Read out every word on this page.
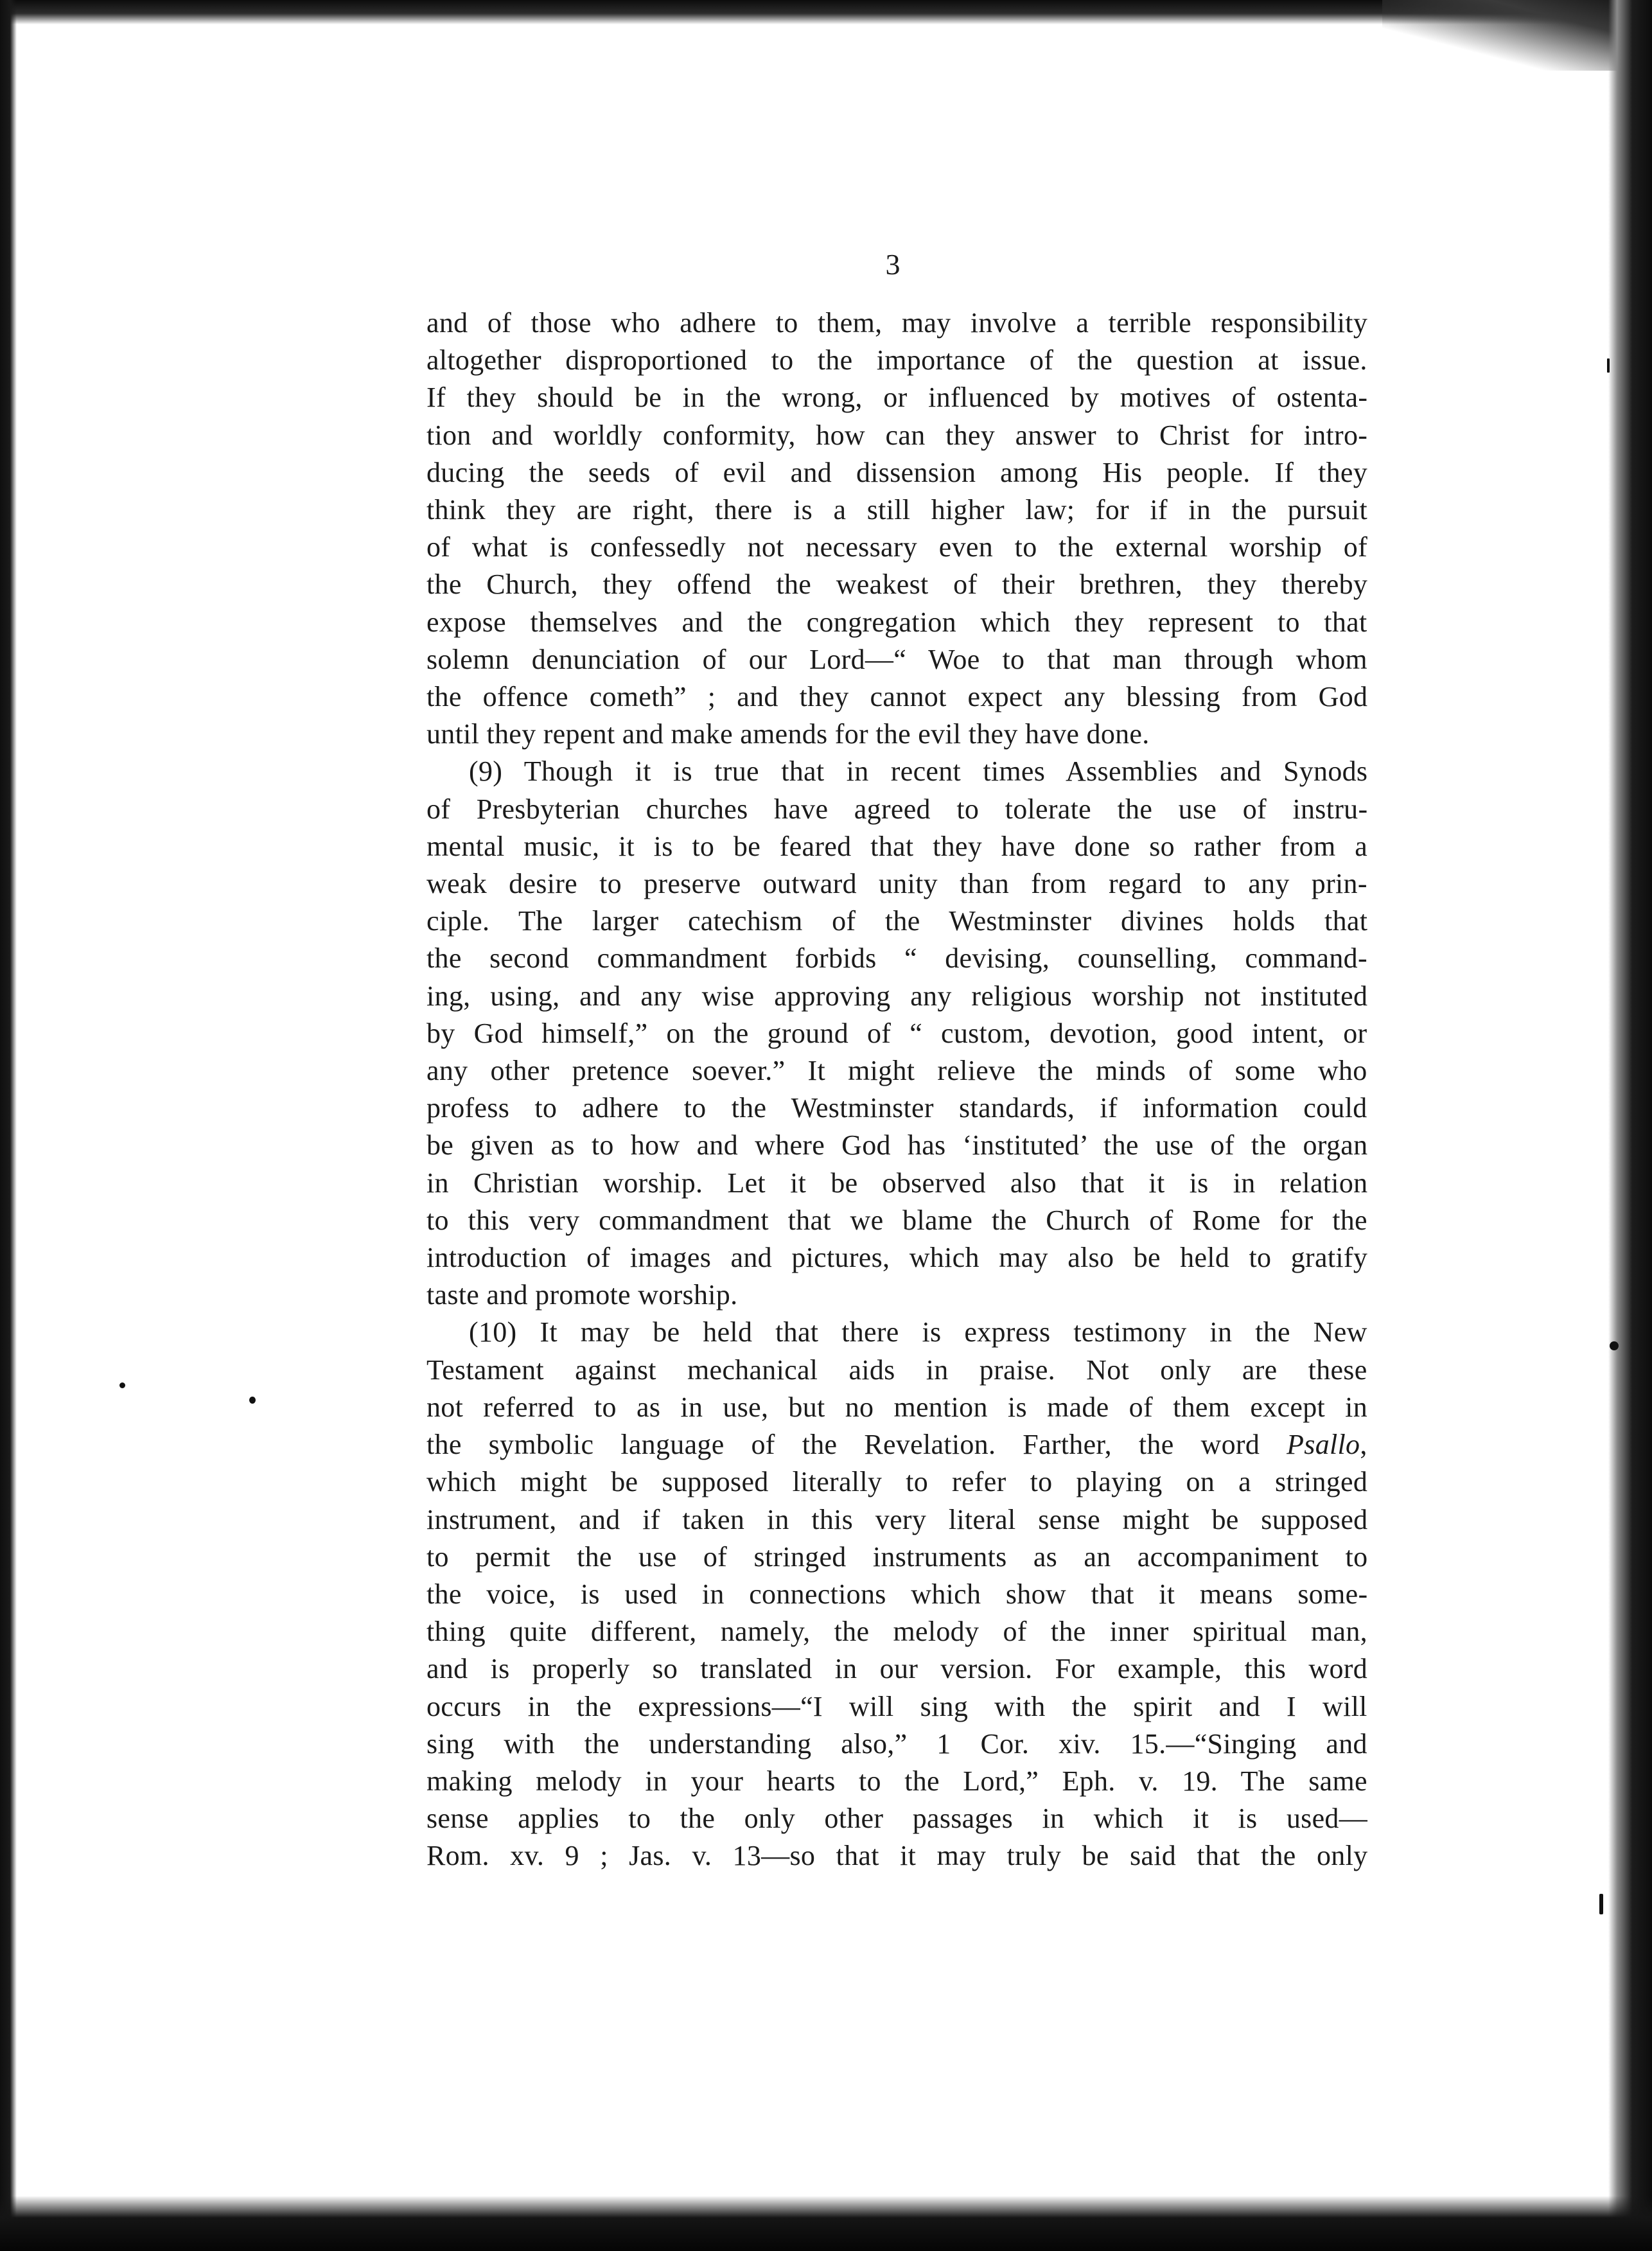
3

and of those who adhere to them, may involve a terrible responsibility
altogether disproportioned to the importance of the question at issue.
If they should be in the wrong, or influenced by motives of ostenta-
tion and worldly conformity, how can they answer to Christ for intro-
ducing the seeds of evil and dissension among His people. If they
think they are right, there is a still higher law; for if in the pursuit
of what is confessedly not necessary even to the external worship of
the Church, they offend the weakest of their brethren, they thereby
expose themselves and the congregation which they represent to that
solemn denunciation of our Lord—“ Woe to that man through whom
the offence cometh” ; and they cannot expect any blessing from God
until they repent and make amends for the evil they have done.

(9) Though it is true that in recent times Assemblies and Synods
of Presbyterian churches have agreed to tolerate the use of instru-
mental music, it is to be feared that they have done so rather from a
weak desire to preserve outward unity than from regard to any prin-
ciple. The larger catechism of the Westminster divines holds that
the second commandment forbids “ devising, counselling, command-
ing, using, and any wise approving any religious worship not instituted
by God himself,” on the ground of “ custom, devotion, good intent, or
any other pretence soever.” It might relieve the minds of some who
profess to adhere to the Westminster standards, if information could
be given as to how and where God has ‘instituted’ the use of the organ
in Christian worship. Let it be observed also that it is in relation
to this very commandment that we blame the Church of Rome for the
introduction of images and pictures, which may also be held to gratify
taste and promote worship.

(10) It may be held that there is express testimony in the New
Testament against mechanical aids in praise. Not only are these
not referred to as in use, but no mention is made of them except in
the symbolic language of the Revelation. Farther, the word Psallo,
which might be supposed literally to refer to playing on a stringed
instrument, and if taken in this very literal sense might be supposed
to permit the use of stringed instruments as an accompaniment to
the voice, is used in connections which show that it means some-
thing quite different, namely, the melody of the inner spiritual man,
and is properly so translated in our version. For example, this word
occurs in the expressions—“I will sing with the spirit and I will
sing with the understanding also,” 1 Cor. xiv. 15.—“Singing and
making melody in your hearts to the Lord,” Eph. v. 19. The same
sense applies to the only other passages in which it is used—
Rom. xv. 9 ; Jas. v. 13—so that it may truly be said that the only
